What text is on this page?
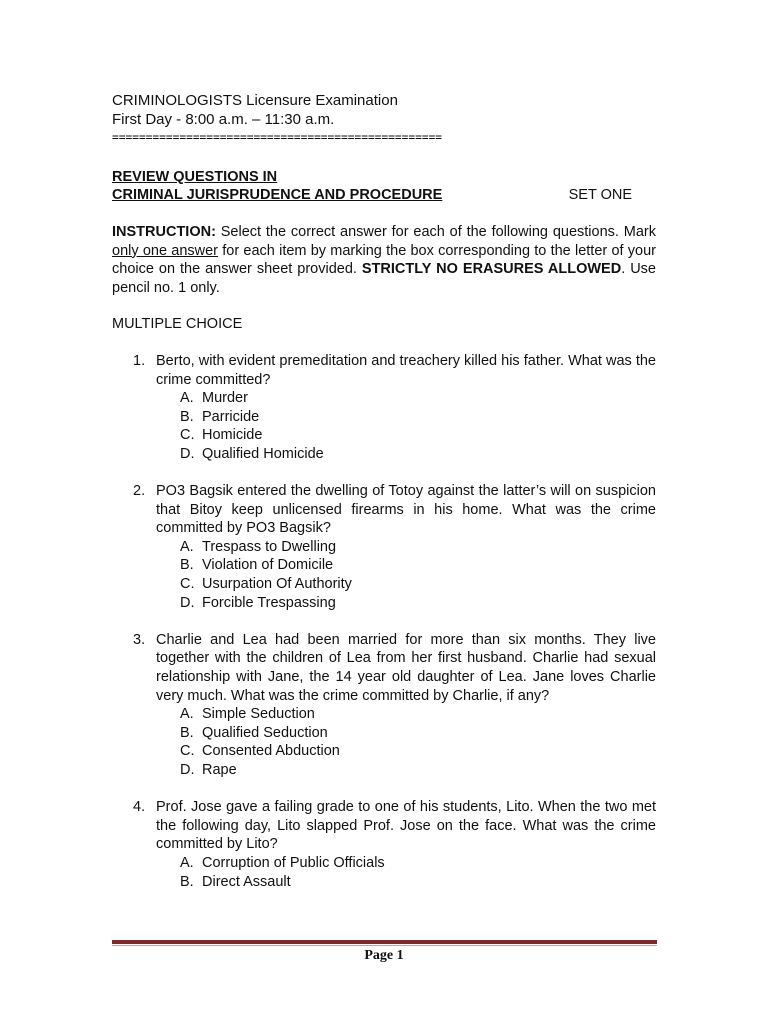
CRIMINOLOGISTS Licensure Examination
First Day - 8:00 a.m. – 11:30 a.m.
=================================================
REVIEW QUESTIONS IN
CRIMINAL JURISPRUDENCE AND PROCEDURE	SET ONE
INSTRUCTION: Select the correct answer for each of the following questions. Mark only one answer for each item by marking the box corresponding to the letter of your choice on the answer sheet provided. STRICTLY NO ERASURES ALLOWED. Use pencil no. 1 only.
MULTIPLE CHOICE
1. Berto, with evident premeditation and treachery killed his father. What was the crime committed?
A. Murder
B. Parricide
C. Homicide
D. Qualified Homicide
2. PO3 Bagsik entered the dwelling of Totoy against the latter’s will on suspicion that Bitoy keep unlicensed firearms in his home. What was the crime committed by PO3 Bagsik?
A. Trespass to Dwelling
B. Violation of Domicile
C. Usurpation Of Authority
D. Forcible Trespassing
3. Charlie and Lea had been married for more than six months. They live together with the children of Lea from her first husband. Charlie had sexual relationship with Jane, the 14 year old daughter of Lea. Jane loves Charlie very much. What was the crime committed by Charlie, if any?
A. Simple Seduction
B. Qualified Seduction
C. Consented Abduction
D. Rape
4. Prof. Jose gave a failing grade to one of his students, Lito. When the two met the following day, Lito slapped Prof. Jose on the face. What was the crime committed by Lito?
A. Corruption of Public Officials
B. Direct Assault
Page 1
